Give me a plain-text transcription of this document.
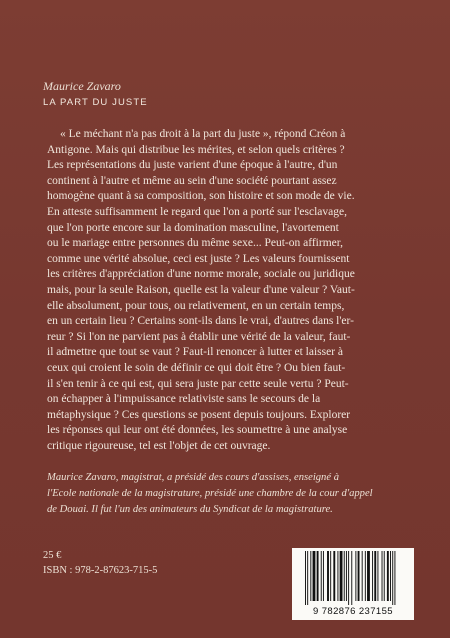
Maurice Zavaro
LA PART DU JUSTE
« Le méchant n'a pas droit à la part du juste », répond Créon à
Antigone. Mais qui distribue les mérites, et selon quels critères ?
Les représentations du juste varient d'une époque à l'autre, d'un
continent à l'autre et même au sein d'une société pourtant assez
homogène quant à sa composition, son histoire et son mode de vie.
En atteste suffisamment le regard que l'on a porté sur l'esclavage,
que l'on porte encore sur la domination masculine, l'avortement
ou le mariage entre personnes du même sexe... Peut-on affirmer,
comme une vérité absolue, ceci est juste ? Les valeurs fournissent
les critères d'appréciation d'une norme morale, sociale ou juridique
mais, pour la seule Raison, quelle est la valeur d'une valeur ? Vaut-
elle absolument, pour tous, ou relativement, en un certain temps,
en un certain lieu ? Certains sont-ils dans le vrai, d'autres dans l'er-
reur ? Si l'on ne parvient pas à établir une vérité de la valeur, faut-
il admettre que tout se vaut ? Faut-il renoncer à lutter et laisser à
ceux qui croient le soin de définir ce qui doit être ? Ou bien faut-
il s'en tenir à ce qui est, qui sera juste par cette seule vertu ? Peut-
on échapper à l'impuissance relativiste sans le secours de la
métaphysique ? Ces questions se posent depuis toujours. Explorer
les réponses qui leur ont été données, les soumettre à une analyse
critique rigoureuse, tel est l'objet de cet ouvrage.
Maurice Zavaro, magistrat, a présidé des cours d'assises, enseigné à
l'Ecole nationale de la magistrature, présidé une chambre de la cour d'appel
de Douai. Il fut l'un des animateurs du Syndicat de la magistrature.
25 €
ISBN : 978-2-87623-715-5
9 782876 237155
